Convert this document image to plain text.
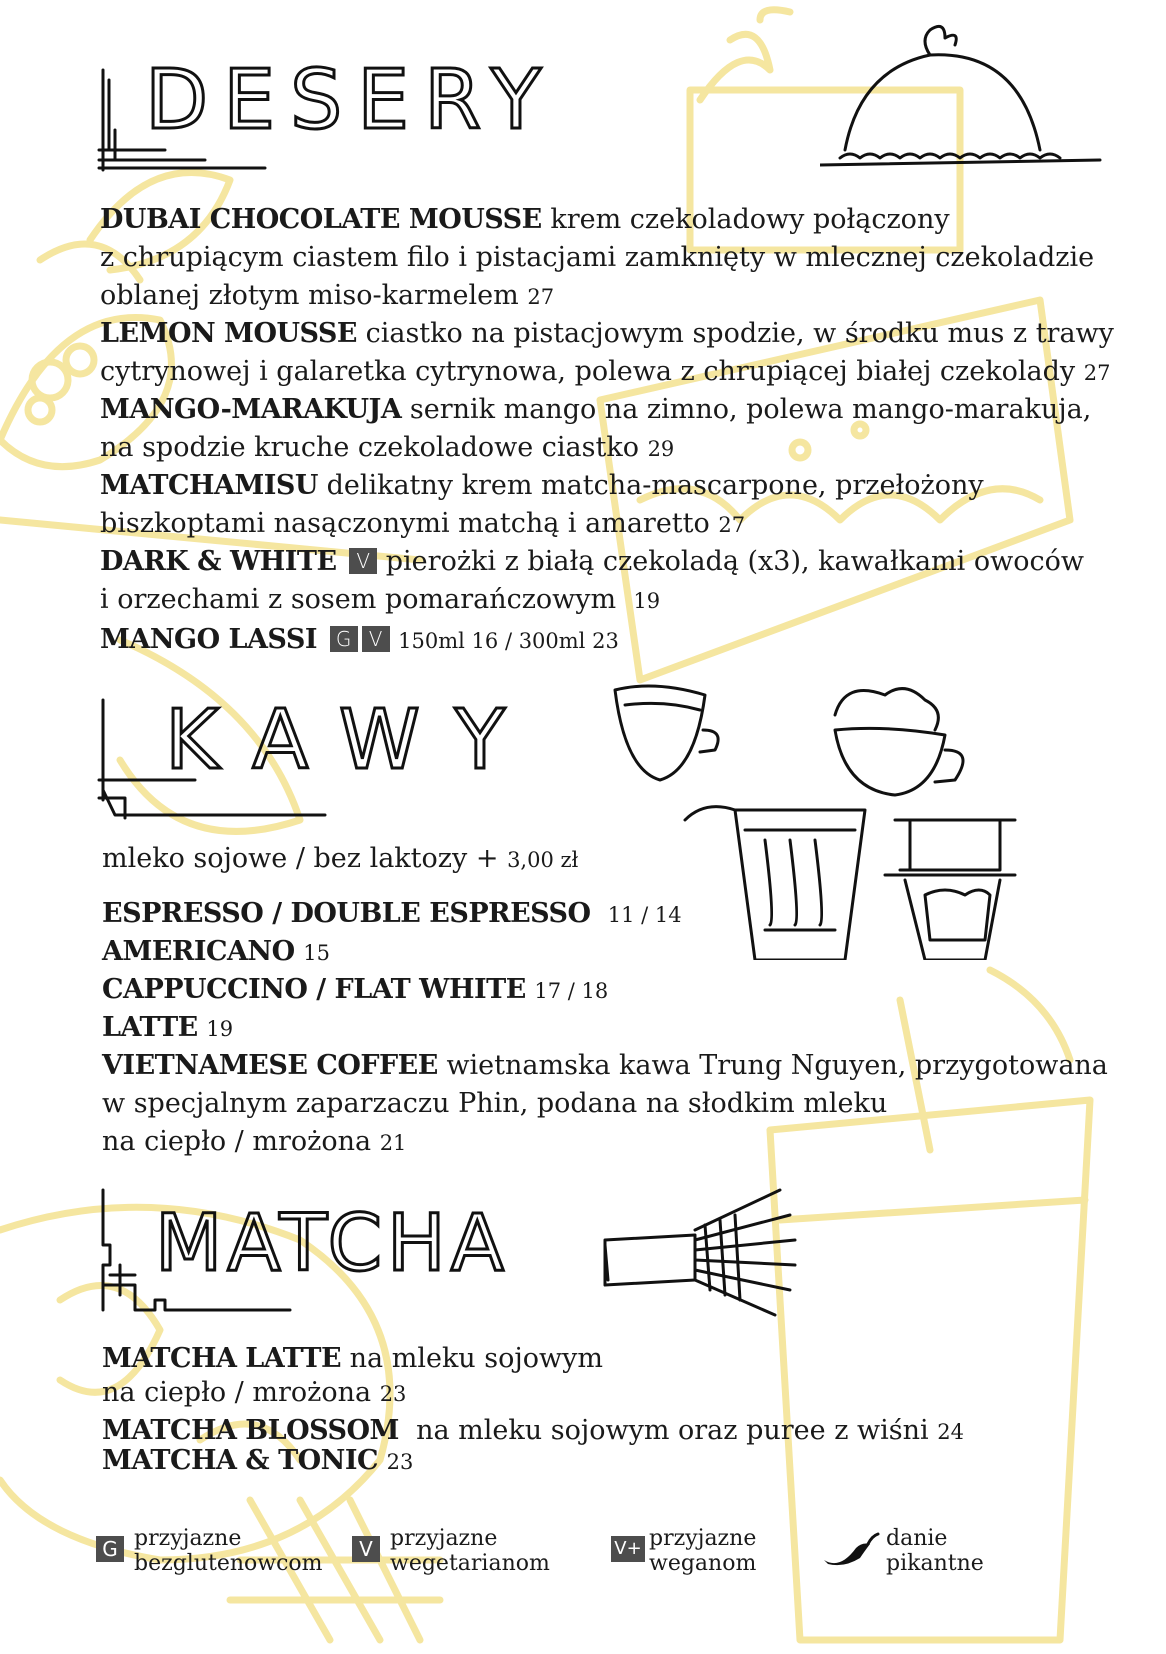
DESERY
DUBAI CHOCOLATE MOUSSE krem czekoladowy połączony
z chrupiącym ciastem filo i pistacjami zamknięty w mlecznej czekoladzie
oblanej złotym miso-karmelem 27
LEMON MOUSSE ciastko na pistacjowym spodzie, w środku mus z trawy
cytrynowej i galaretka cytrynowa, polewa z chrupiącej białej czekolady 27
MANGO-MARAKUJA sernik mango na zimno, polewa mango-marakuja,
na spodzie kruche czekoladowe ciastko 29
MATCHAMISU delikatny krem matcha-mascarpone, przełożony
biszkoptami nasączonymi matchą i amaretto 27
DARK & WHITE V pierożki z białą czekoladą (x3), kawałkami owoców
i orzechami z sosem pomarańczowym 19
MANGO LASSI G V 150ml 16 / 300ml 23
KAWY
mleko sojowe / bez laktozy + 3,00 zł
ESPRESSO / DOUBLE ESPRESSO 11 / 14
AMERICANO 15
CAPPUCCINO / FLAT WHITE 17 / 18
LATTE 19
VIETNAMESE COFFEE wietnamska kawa Trung Nguyen, przygotowana
w specjalnym zaparzaczu Phin, podana na słodkim mleku
na ciepło / mrożona 21
MATCHA
MATCHA LATTE na mleku sojowym
na ciepło / mrożona 23
MATCHA BLOSSOM na mleku sojowym oraz puree z wiśni 24
MATCHA & TONIC 23
G przyjazne
bezglutenowcom
V przyjazne
wegetarianom
V+ przyjazne
weganom
danie
pikantne
